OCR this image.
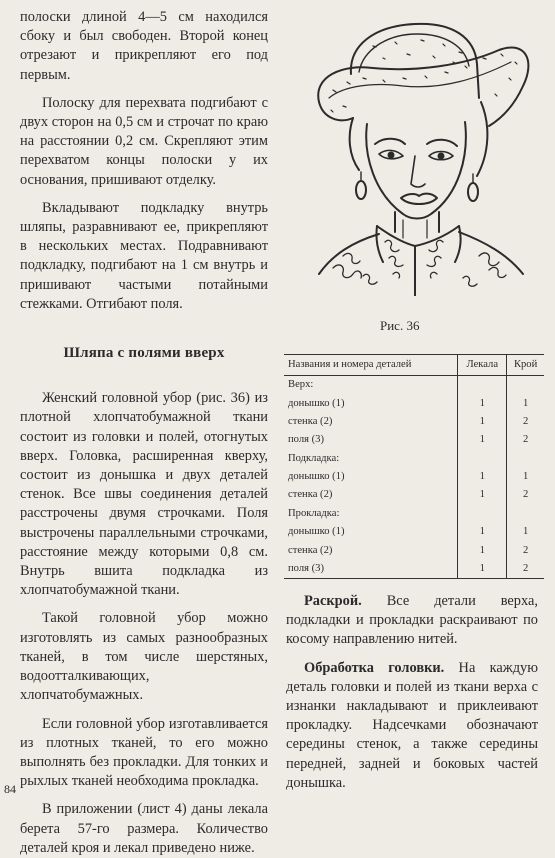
полоски длиной 4—5 см находился сбоку и был свободен. Второй конец отрезают и прикрепляют его под первым.

Полоску для перехвата подгибают с двух сторон на 0,5 см и строчат по краю на расстоянии 0,2 см. Скрепляют этим перехватом концы полоски у их основания, пришивают отделку.

Вкладывают подкладку внутрь шляпы, разравнивают ее, прикрепляют в нескольких местах. Подравнивают подкладку, подгибают на 1 см внутрь и пришивают частыми потайными стежками. Отгибают поля.

Шляпа с полями вверх

Женский головной убор (рис. 36) из плотной хлопчатобумажной ткани состоит из головки и полей, отогнутых вверх. Головка, расширенная кверху, состоит из донышка и двух деталей стенок. Все швы соединения деталей расстрочены двумя строчками. Поля выстрочены параллельными строчками, расстояние между которыми 0,8 см. Внутрь вшита подкладка из хлопчатобумажной ткани.

Такой головной убор можно изготовлять из самых разнообразных тканей, в том числе шерстяных, водоотталкивающих, хлопчатобумажных.

Если головной убор изготавливается из плотных тканей, то его можно выполнять без прокладки. Для тонких и рыхлых тканей необходима прокладка.

В приложении (лист 4) даны лекала берета 57-го размера. Количество деталей кроя и лекал приведено ниже.

Рис. 36
Названия и номера деталей	Лекала	Крой
Верх:		
донышко (1)	1	1
стенка (2)	1	2
поля (3)	1	2
Подкладка:		
донышко (1)	1	1
стенка (2)	1	2
Прокладка:		
донышко (1)	1	1
стенка (2)	1	2
поля (3)	1	2

Раскрой. Все детали верха, подкладки и прокладки раскраивают по косому направлению нитей.

Обработка головки. На каждую деталь головки и полей из ткани верха с изнанки накладывают и приклеивают прокладку. Надсечками обозначают середины стенок, а также середины передней, задней и боковых частей донышка.

84
